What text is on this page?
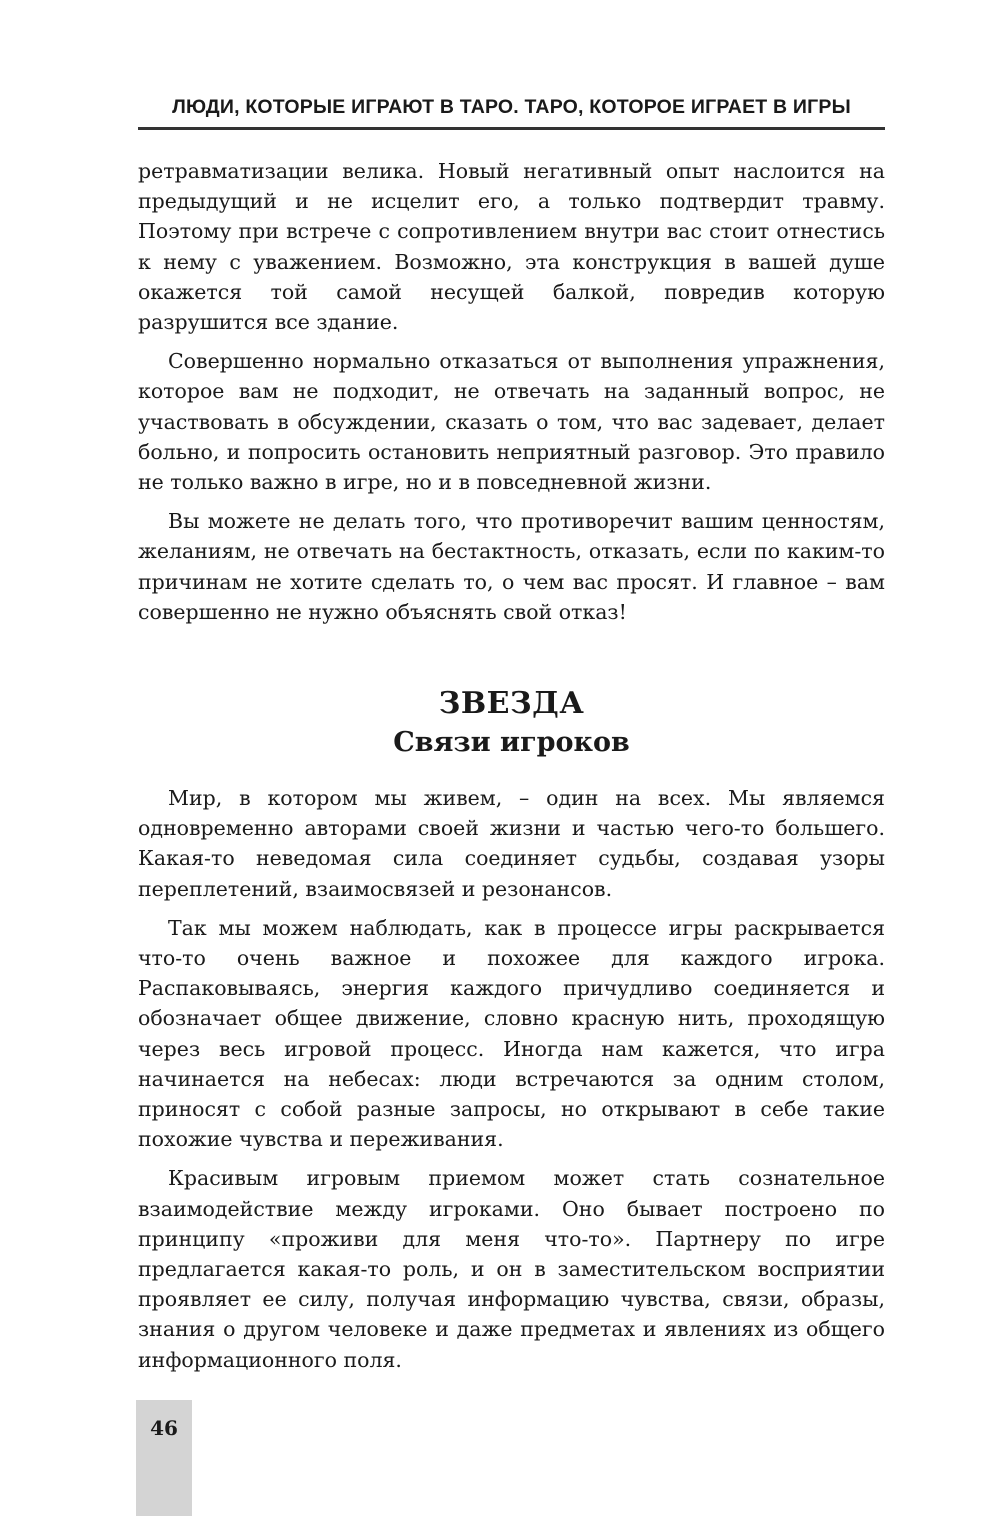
ЛЮДИ, КОТОРЫЕ ИГРАЮТ В ТАРО. ТАРО, КОТОРОЕ ИГРАЕТ В ИГРЫ

ретравматизации велика. Новый негативный опыт наслоится на предыдущий и не исцелит его, а только подтвердит травму. Поэтому при встрече с сопротивлением внутри вас стоит отнестись к нему с уважением. Возможно, эта конструкция в вашей душе окажется той самой несущей балкой, повредив которую разрушится все здание.

Совершенно нормально отказаться от выполнения упражнения, которое вам не подходит, не отвечать на заданный вопрос, не участвовать в обсуждении, сказать о том, что вас задевает, делает больно, и попросить остановить неприятный разговор. Это правило не только важно в игре, но и в повседневной жизни.

Вы можете не делать того, что противоречит вашим ценностям, желаниям, не отвечать на бестактность, отказать, если по каким-то причинам не хотите сделать то, о чем вас просят. И главное – вам совершенно не нужно объяснять свой отказ!

ЗВЕЗДА
Связи игроков

Мир, в котором мы живем, – один на всех. Мы являемся одновременно авторами своей жизни и частью чего-то большего. Какая-то неведомая сила соединяет судьбы, создавая узоры переплетений, взаимосвязей и резонансов.

Так мы можем наблюдать, как в процессе игры раскрывается что-то очень важное и похожее для каждого игрока. Распаковываясь, энергия каждого причудливо соединяется и обозначает общее движение, словно красную нить, проходящую через весь игровой процесс. Иногда нам кажется, что игра начинается на небесах: люди встречаются за одним столом, приносят с собой разные запросы, но открывают в себе такие похожие чувства и переживания.

Красивым игровым приемом может стать сознательное взаимодействие между игроками. Оно бывает построено по принципу «проживи для меня что-то». Партнеру по игре предлагается какая-то роль, и он в заместительском восприятии проявляет ее силу, получая информацию чувства, связи, образы, знания о другом человеке и даже предметах и явлениях из общего информационного поля.

46
